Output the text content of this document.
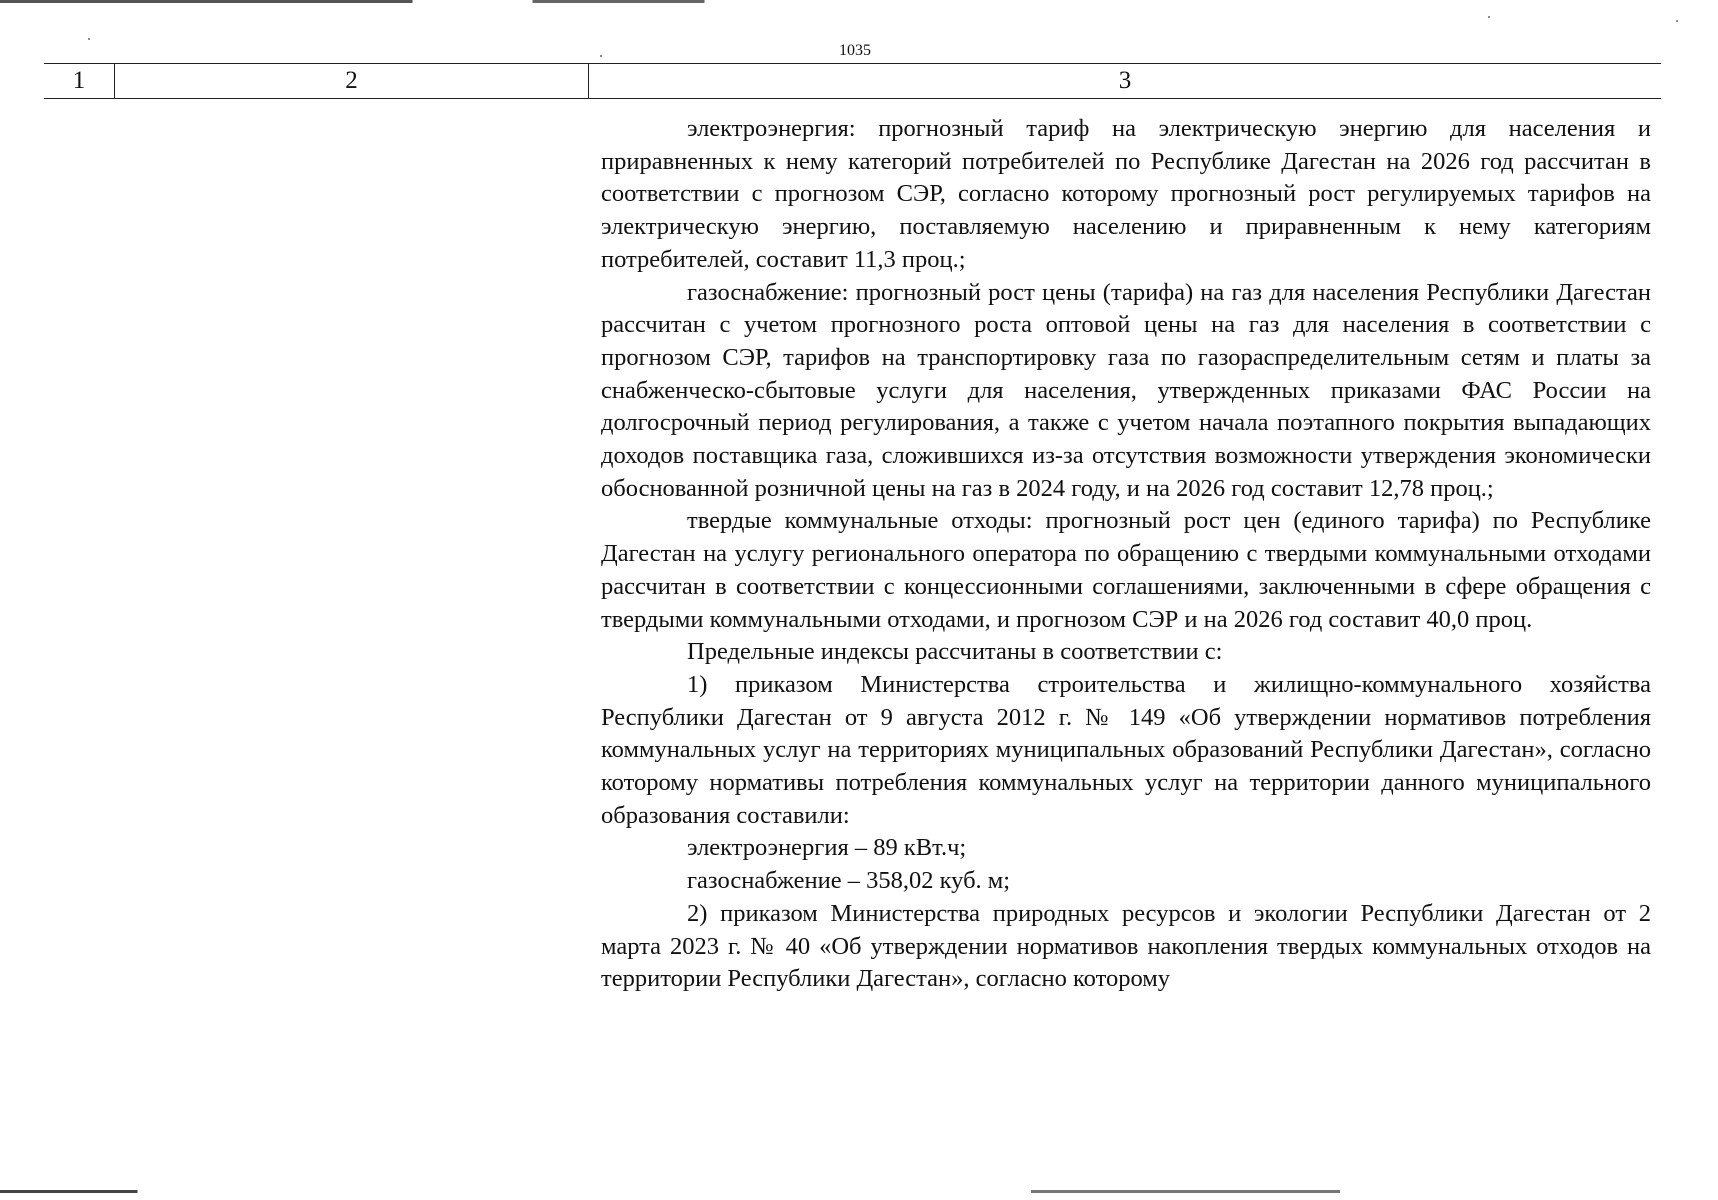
1035
1	2	3

электроэнергия: прогнозный тариф на электрическую энергию для населения и приравненных к нему категорий потребителей по Республике Дагестан на 2026 год рассчитан в соответствии с прогнозом СЭР, согласно которому прогнозный рост регулируемых тарифов на электрическую энергию, поставляемую населению и приравненным к нему категориям потребителей, составит 11,3 проц.;

газоснабжение: прогнозный рост цены (тарифа) на газ для населения Республики Дагестан рассчитан с учетом прогнозного роста оптовой цены на газ для населения в соответствии с прогнозом СЭР, тарифов на транспортировку газа по газораспределительным сетям и платы за снабженческо-сбытовые услуги для населения, утвержденных приказами ФАС России на долгосрочный период регулирования, а также с учетом начала поэтапного покрытия выпадающих доходов поставщика газа, сложившихся из-за отсутствия возможности утверждения экономически обоснованной розничной цены на газ в 2024 году, и на 2026 год составит 12,78 проц.;

твердые коммунальные отходы: прогнозный рост цен (единого тарифа) по Республике Дагестан на услугу регионального оператора по обращению с твердыми коммунальными отходами рассчитан в соответствии с концессионными соглашениями, заключенными в сфере обращения с твердыми коммунальными отходами, и прогнозом СЭР и на 2026 год составит 40,0 проц.

Предельные индексы рассчитаны в соответствии с:

1) приказом Министерства строительства и жилищно-коммунального хозяйства Республики Дагестан от 9 августа 2012 г. № 149 «Об утверждении нормативов потребления коммунальных услуг на территориях муниципальных образований Республики Дагестан», согласно которому нормативы потребления коммунальных услуг на территории данного муниципального образования составили:

электроэнергия – 89 кВт.ч;

газоснабжение – 358,02 куб. м;

2) приказом Министерства природных ресурсов и экологии Республики Дагестан от 2 марта 2023 г. № 40 «Об утверждении нормативов накопления твердых коммунальных отходов на территории Республики Дагестан», согласно которому
